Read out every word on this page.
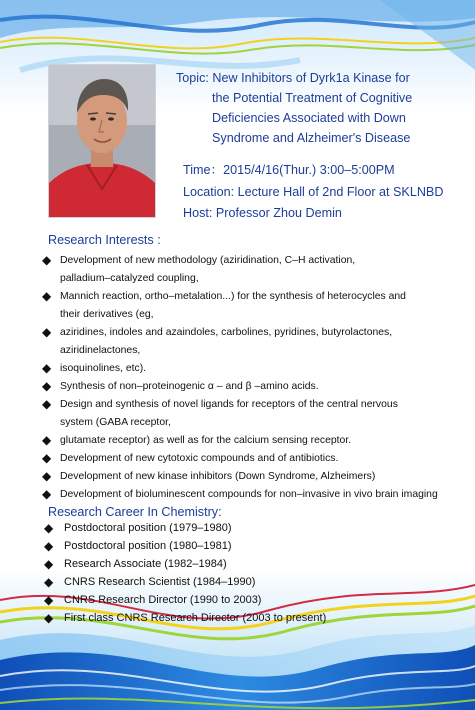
Topic: New Inhibitors of Dyrk1a Kinase for
the Potential Treatment of Cognitive
Deficiencies Associated with Down
Syndrome and Alzheimer's Disease
Time：2015/4/16(Thur.) 3:00–5:00PM
Location: Lecture Hall of 2nd Floor at SKLNBD
Host: Professor Zhou Demin
Research Interests :
◆ Development of new methodology (aziridination, C–H activation,
palladium–catalyzed coupling,
◆ Mannich reaction, ortho–metalation...) for the synthesis of heterocycles and
their derivatives (eg,
◆ aziridines, indoles and azaindoles, carbolines, pyridines, butyrolactones,
aziridinelactones,
◆ isoquinolines, etc).
◆ Synthesis of non–proteinogenic α – and β –amino acids.
◆ Design and synthesis of novel ligands for receptors of the central nervous
system (GABA receptor,
◆ glutamate receptor) as well as for the calcium sensing receptor.
◆ Development of new cytotoxic compounds and of antibiotics.
◆ Development of new kinase inhibitors (Down Syndrome, Alzheimers)
◆ Development of bioluminescent compounds for non–invasive in vivo brain imaging
Research Career In Chemistry:
◆ Postdoctoral position (1979–1980)
◆ Postdoctoral position (1980–1981)
◆ Research Associate (1982–1984)
◆ CNRS Research Scientist (1984–1990)
◆ CNRS Research Director (1990 to 2003)
◆ First class CNRS Research Director (2003 to present)
